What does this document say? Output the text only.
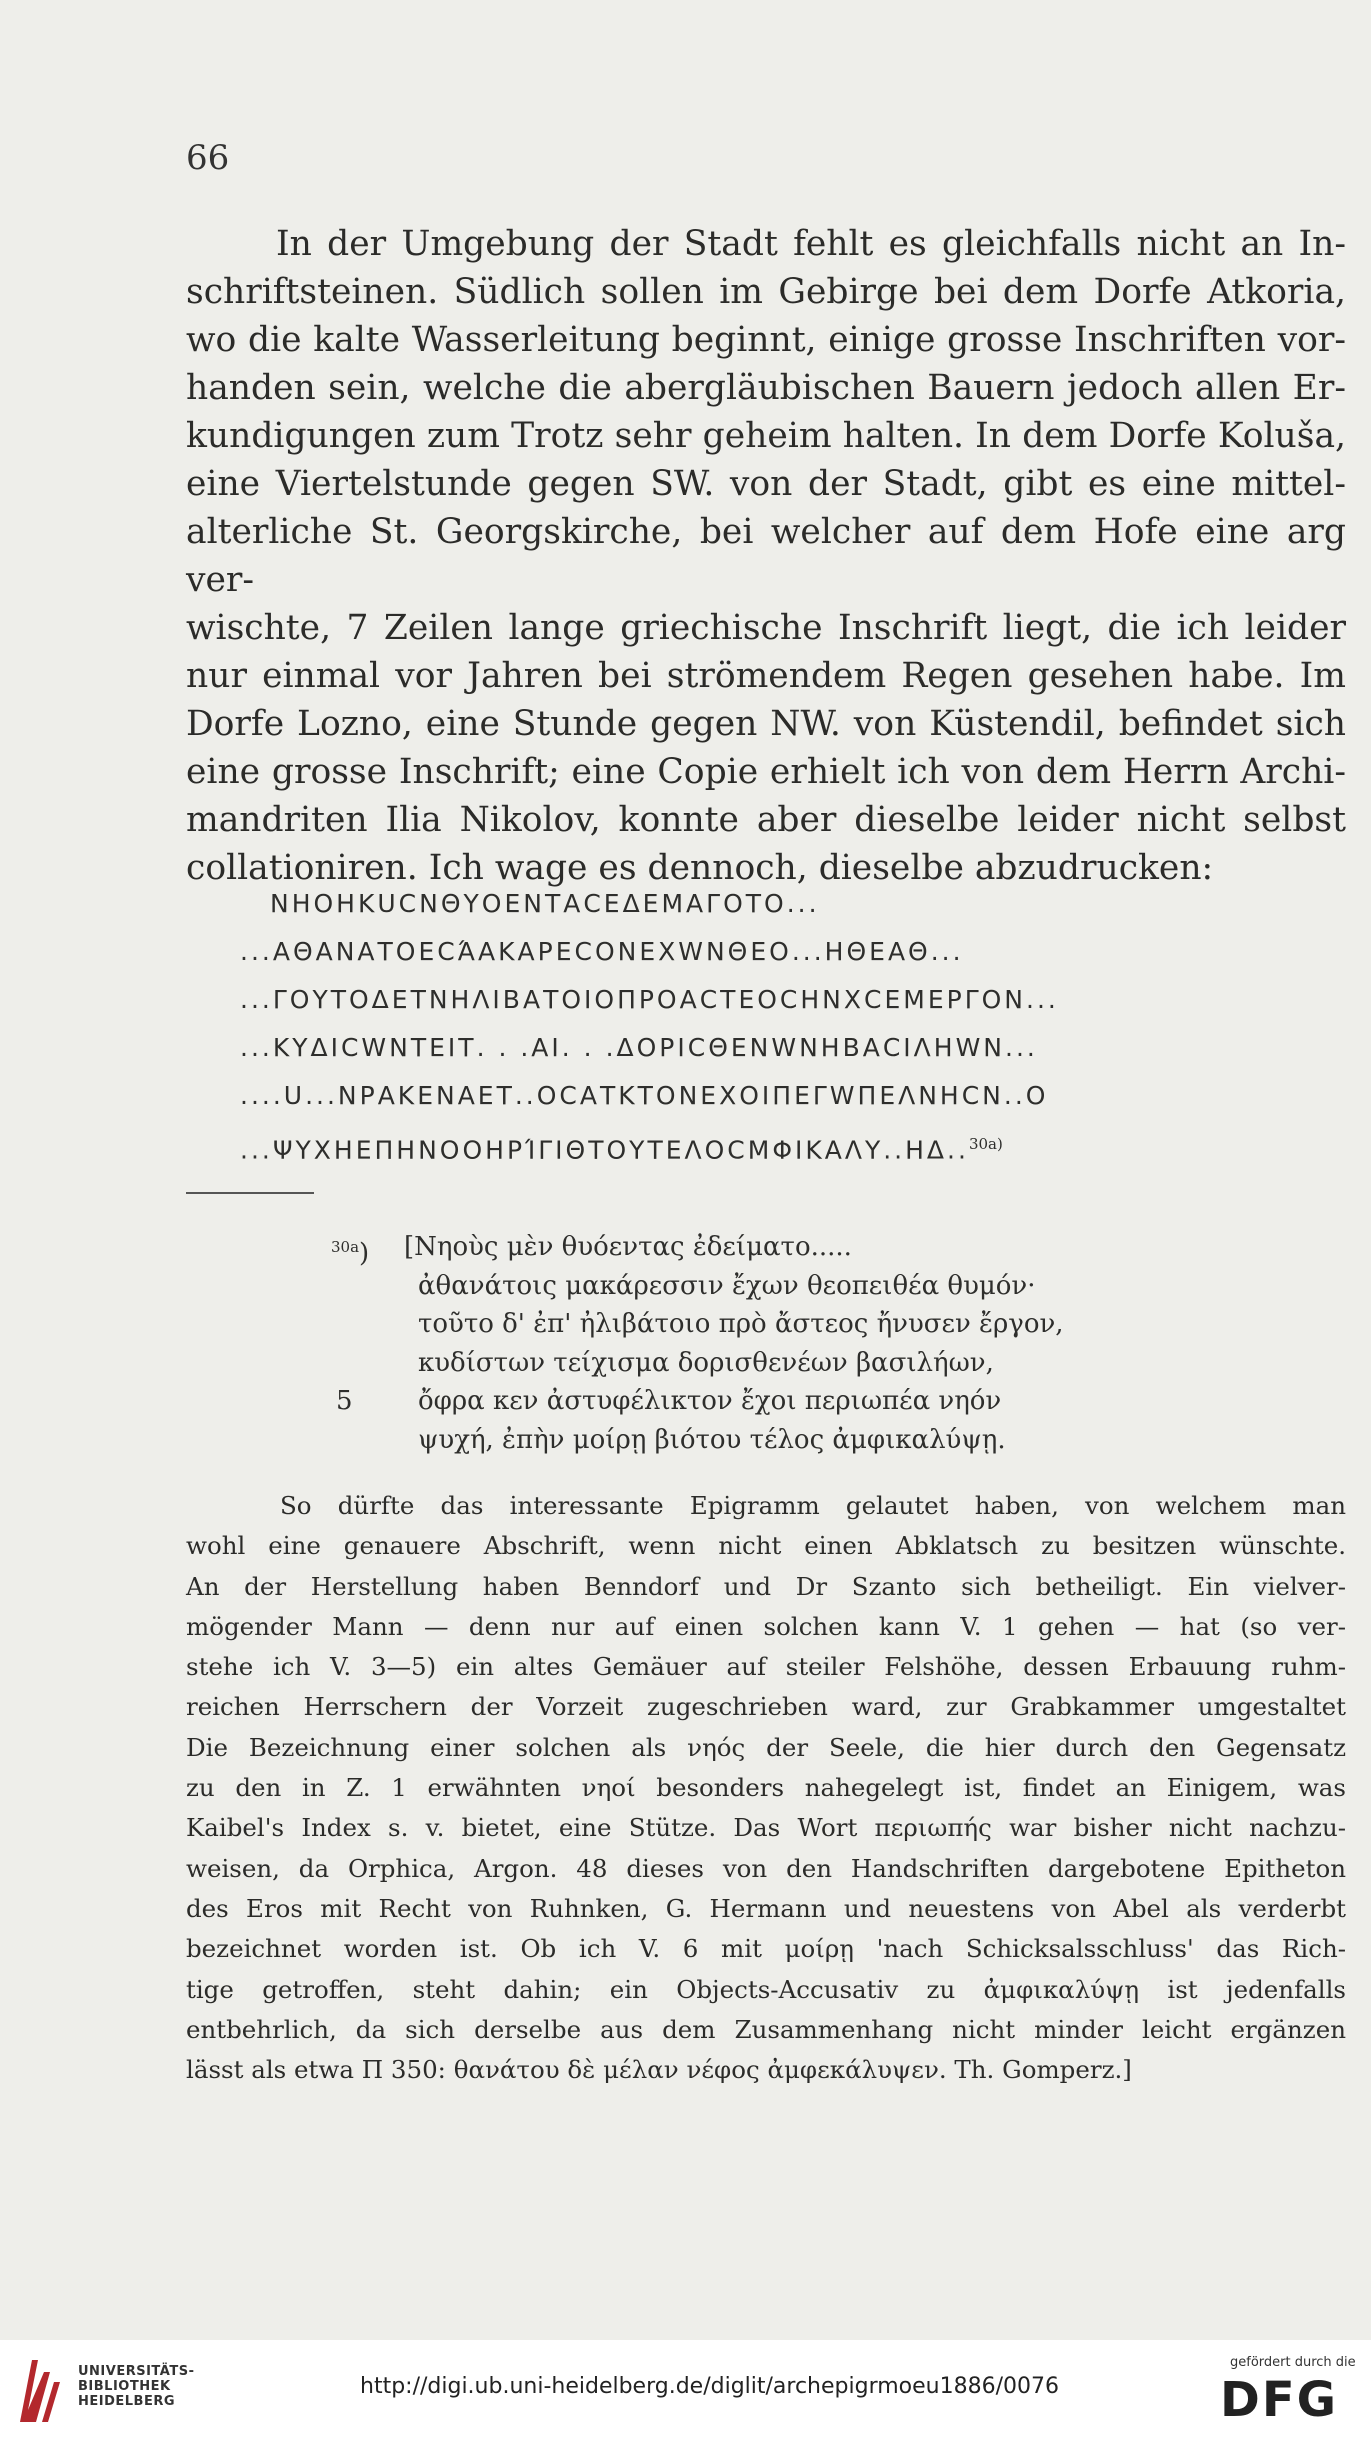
66
In der Umgebung der Stadt fehlt es gleichfalls nicht an In-
schriftsteinen. Südlich sollen im Gebirge bei dem Dorfe Atkoria,
wo die kalte Wasserleitung beginnt, einige grosse Inschriften vor-
handen sein, welche die abergläubischen Bauern jedoch allen Er-
kundigungen zum Trotz sehr geheim halten. In dem Dorfe Koluša,
eine Viertelstunde gegen SW. von der Stadt, gibt es eine mittel-
alterliche St. Georgskirche, bei welcher auf dem Hofe eine arg ver-
wischte, 7 Zeilen lange griechische Inschrift liegt, die ich leider
nur einmal vor Jahren bei strömendem Regen gesehen habe. Im
Dorfe Lozno, eine Stunde gegen NW. von Küstendil, befindet sich
eine grosse Inschrift; eine Copie erhielt ich von dem Herrn Archi-
mandriten Ilia Nikolov, konnte aber dieselbe leider nicht selbst
collationiren. Ich wage es dennoch, dieselbe abzudrucken:
ΝΗΟΗΚUCΝΘΥΟΕΝΤΑCΕΔΕΜΑΓΟΤΟ...
...ΑΘΑΝΑΤΟΕCΆΑΚΑΡΕCΟΝΕΧWΝΘΕΟ...ΗΘΕΑΘ...
...ΓΟΥΤΟΔΕΤΝΗΛΙΒΑΤΟΙΟΠΡΟΑCΤΕΟCΗΝΧCΕΜΕΡΓΟΝ...
...ΚΥΔΙCWΝΤΕΙΤ. . .ΑΙ. . .ΔΟΡΙCΘΕΝWΝΗΒΑCΙΛΗWΝ...
....U...ΝΡΑΚΕΝΑΕΤ..ΟCΑΤΚΤΟΝΕΧΟΙΠΕΓWΠΕΛΝΗCΝ..Ο
...ΨΥΧΗΕΠΗΝΟΟΗΡΊΓΙΘΤΟΥΤΕΛΟCΜΦΙΚΑΛΥ..ΗΔ..$^{30a)}$
$^{30a}$)
5
[Νηοὺς μὲν θυόεντας ἐδείματο.....
ἀθανάτοις μακάρεσσιν ἔχων θεοπειθέα θυμόν·
τοῦτο δ' ἐπ' ἠλιβάτοιο πρὸ ἄστεος ἤνυσεν ἔργον,
κυδίστων τείχισμα δορισθενέων βασιλήων,
ὄφρα κεν ἀστυφέλικτον ἔχοι περιωπέα νηόν
ψυχή, ἐπὴν μοίρῃ βιότου τέλος ἀμφικαλύψῃ.
So dürfte das interessante Epigramm gelautet haben, von welchem man
wohl eine genauere Abschrift, wenn nicht einen Abklatsch zu besitzen wünschte.
An der Herstellung haben Benndorf und Dr Szanto sich betheiligt. Ein vielver-
mögender Mann — denn nur auf einen solchen kann V. 1 gehen — hat (so ver-
stehe ich V. 3—5) ein altes Gemäuer auf steiler Felshöhe, dessen Erbauung ruhm-
reichen Herrschern der Vorzeit zugeschrieben ward, zur Grabkammer umgestaltet
Die Bezeichnung einer solchen als νηός der Seele, die hier durch den Gegensatz
zu den in Z. 1 erwähnten νηοί besonders nahegelegt ist, findet an Einigem, was
Kaibel's Index s. v. bietet, eine Stütze. Das Wort περιωπής war bisher nicht nachzu-
weisen, da Orphica, Argon. 48 dieses von den Handschriften dargebotene Epitheton
des Eros mit Recht von Ruhnken, G. Hermann und neuestens von Abel als verderbt
bezeichnet worden ist. Ob ich V. 6 mit μοίρῃ 'nach Schicksalsschluss' das Rich-
tige getroffen, steht dahin; ein Objects-Accusativ zu ἀμφικαλύψῃ ist jedenfalls
entbehrlich, da sich derselbe aus dem Zusammenhang nicht minder leicht ergänzen
lässt als etwa Π 350: θανάτου δὲ μέλαν νέφος ἀμφεκάλυψεν. Th. Gomperz.]
UNIVERSITÄTS-
BIBLIOTHEK
HEIDELBERG
http://digi.ub.uni-heidelberg.de/diglit/archepigrmoeu1886/0076
gefördert durch die
DFG
